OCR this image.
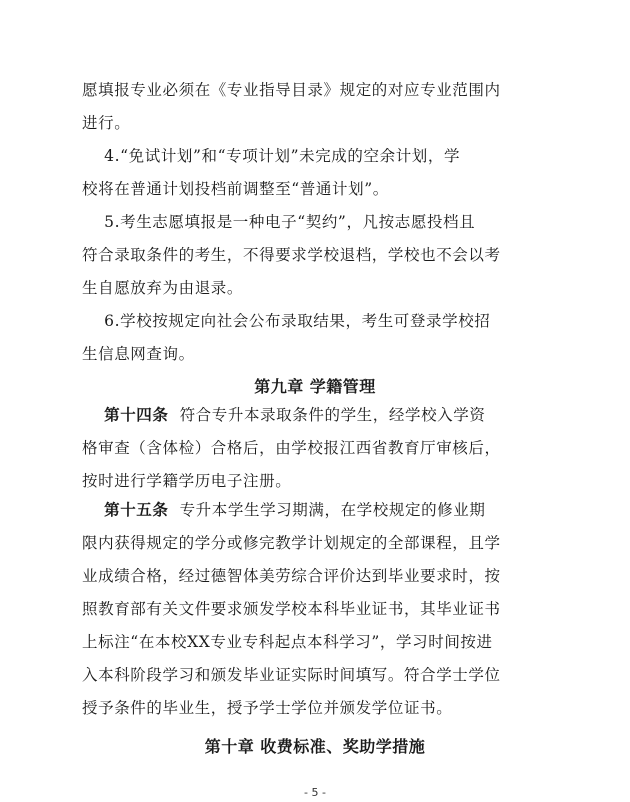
愿填报专业必须在《专业指导目录》规定的对应专业范围内
进行。
4.“免试计划”和“专项计划”未完成的空余计划，学
校将在普通计划投档前调整至“普通计划”。
5.考生志愿填报是一种电子“契约”，凡按志愿投档且
符合录取条件的考生，不得要求学校退档，学校也不会以考
生自愿放弃为由退录。
6.学校按规定向社会公布录取结果，考生可登录学校招
生信息网查询。
第九章 学籍管理
第十四条  符合专升本录取条件的学生，经学校入学资
格审查（含体检）合格后，由学校报江西省教育厅审核后，
按时进行学籍学历电子注册。
第十五条  专升本学生学习期满，在学校规定的修业期
限内获得规定的学分或修完教学计划规定的全部课程，且学
业成绩合格，经过德智体美劳综合评价达到毕业要求时，按
照教育部有关文件要求颁发学校本科毕业证书，其毕业证书
上标注“在本校XX专业专科起点本科学习”，学习时间按进
入本科阶段学习和颁发毕业证实际时间填写。符合学士学位
授予条件的毕业生，授予学士学位并颁发学位证书。
第十章 收费标准、奖助学措施
- 5 -
